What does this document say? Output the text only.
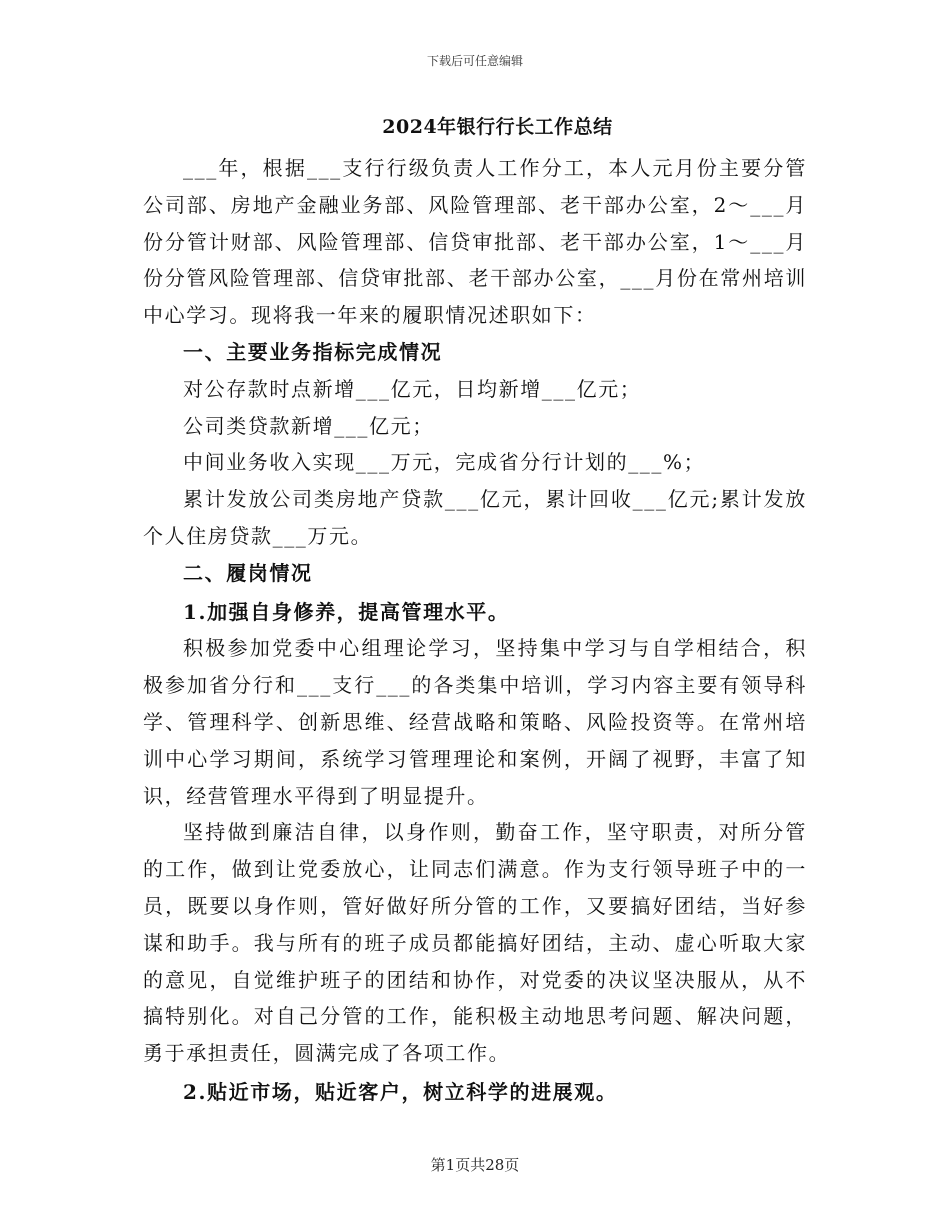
下载后可任意编辑
2024年银行行长工作总结

___年，根据___支行行级负责人工作分工，本人元月份主要分管公司部、房地产金融业务部、风险管理部、老干部办公室，2～___月份分管计财部、风险管理部、信贷审批部、老干部办公室，1～___月份分管风险管理部、信贷审批部、老干部办公室，___月份在常州培训中心学习。现将我一年来的履职情况述职如下：

一、主要业务指标完成情况

对公存款时点新增___亿元，日均新增___亿元；

公司类贷款新增___亿元；

中间业务收入实现___万元，完成省分行计划的___%；

累计发放公司类房地产贷款___亿元，累计回收___亿元;累计发放个人住房贷款___万元。

二、履岗情况

1.加强自身修养，提高管理水平。

积极参加党委中心组理论学习，坚持集中学习与自学相结合，积极参加省分行和___支行___的各类集中培训，学习内容主要有领导科学、管理科学、创新思维、经营战略和策略、风险投资等。在常州培训中心学习期间，系统学习管理理论和案例，开阔了视野，丰富了知识，经营管理水平得到了明显提升。

坚持做到廉洁自律，以身作则，勤奋工作，坚守职责，对所分管的工作，做到让党委放心，让同志们满意。作为支行领导班子中的一员，既要以身作则，管好做好所分管的工作，又要搞好团结，当好参谋和助手。我与所有的班子成员都能搞好团结，主动、虚心听取大家的意见，自觉维护班子的团结和协作，对党委的决议坚决服从，从不搞特别化。对自己分管的工作，能积极主动地思考问题、解决问题，勇于承担责任，圆满完成了各项工作。

2.贴近市场，贴近客户，树立科学的进展观。

第1页共28页
